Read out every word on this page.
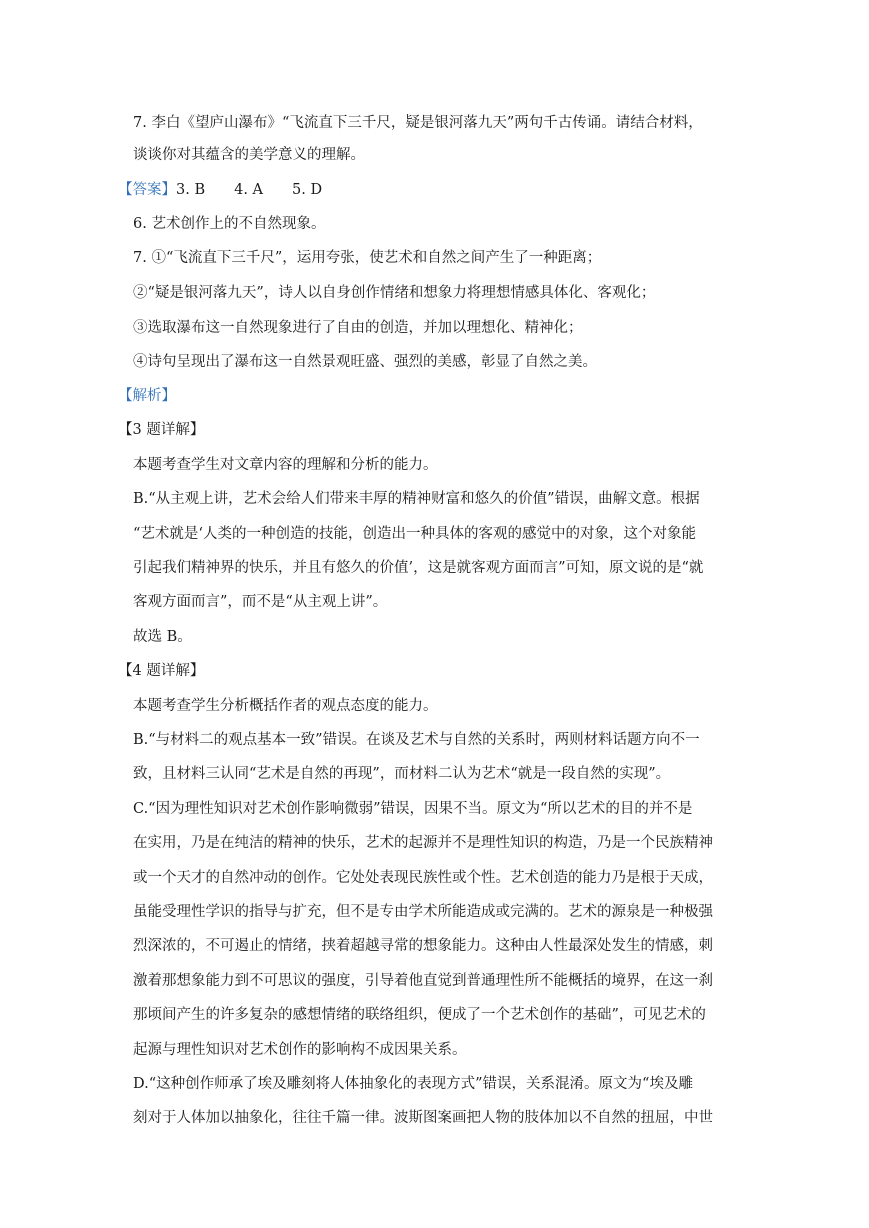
7. 李白《望庐山瀑布》“飞流直下三千尺，疑是银河落九天”两句千古传诵。请结合材料，
谈谈你对其蕴含的美学意义的理解。
【答案】3. B　　4. A　　5. D
6. 艺术创作上的不自然现象。
7. ①“飞流直下三千尺”，运用夸张，使艺术和自然之间产生了一种距离；
②“疑是银河落九天”，诗人以自身创作情绪和想象力将理想情感具体化、客观化；
③选取瀑布这一自然现象进行了自由的创造，并加以理想化、精神化；
④诗句呈现出了瀑布这一自然景观旺盛、强烈的美感，彰显了自然之美。
【解析】
【3 题详解】
本题考查学生对文章内容的理解和分析的能力。
B.“从主观上讲，艺术会给人们带来丰厚的精神财富和悠久的价值”错误，曲解文意。根据
“艺术就是‘人类的一种创造的技能，创造出一种具体的客观的感觉中的对象，这个对象能
引起我们精神界的快乐，并且有悠久的价值’，这是就客观方面而言”可知，原文说的是“就
客观方面而言”，而不是“从主观上讲”。
故选 B。
【4 题详解】
本题考查学生分析概括作者的观点态度的能力。
B.“与材料二的观点基本一致”错误。在谈及艺术与自然的关系时，两则材料话题方向不一
致，且材料三认同“艺术是自然的再现”，而材料二认为艺术“就是一段自然的实现”。
C.“因为理性知识对艺术创作影响微弱”错误，因果不当。原文为“所以艺术的目的并不是
在实用，乃是在纯洁的精神的快乐，艺术的起源并不是理性知识的构造，乃是一个民族精神
或一个天才的自然冲动的创作。它处处表现民族性或个性。艺术创造的能力乃是根于天成，
虽能受理性学识的指导与扩充，但不是专由学术所能造成或完满的。艺术的源泉是一种极强
烈深浓的，不可遏止的情绪，挟着超越寻常的想象能力。这种由人性最深处发生的情感，刺
激着那想象能力到不可思议的强度，引导着他直觉到普通理性所不能概括的境界，在这一刹
那顷间产生的许多复杂的感想情绪的联络组织，便成了一个艺术创作的基础”，可见艺术的
起源与理性知识对艺术创作的影响构不成因果关系。
D.“这种创作师承了埃及雕刻将人体抽象化的表现方式”错误，关系混淆。原文为“埃及雕
刻对于人体加以抽象化，往往千篇一律。波斯图案画把人物的肢体加以不自然的扭屈，中世
